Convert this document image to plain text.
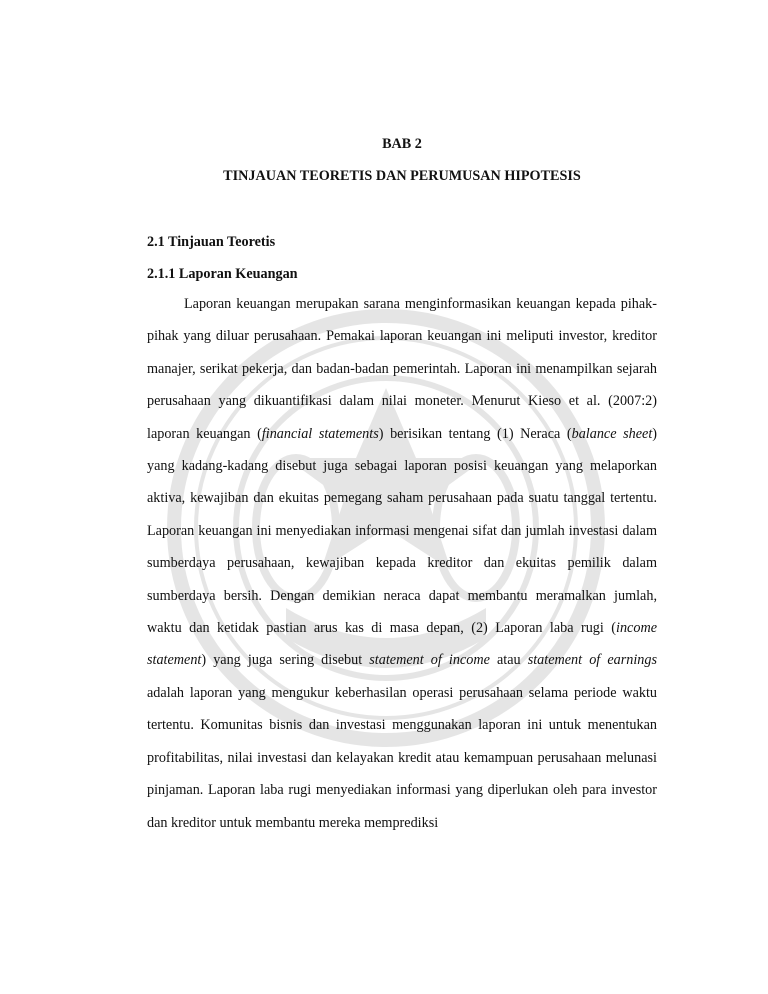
BAB 2
TINJAUAN TEORETIS DAN PERUMUSAN HIPOTESIS
2.1 Tinjauan Teoretis
2.1.1 Laporan Keuangan

Laporan keuangan merupakan sarana menginformasikan keuangan kepada pihak-pihak yang diluar perusahaan. Pemakai laporan keuangan ini meliputi investor, kreditor manajer, serikat pekerja, dan badan-badan pemerintah. Laporan ini menampilkan sejarah perusahaan yang dikuantifikasi dalam nilai moneter. Menurut Kieso et al. (2007:2) laporan keuangan (financial statements) berisikan tentang (1) Neraca (balance sheet) yang kadang-kadang disebut juga sebagai laporan posisi keuangan yang melaporkan aktiva, kewajiban dan ekuitas pemegang saham perusahaan pada suatu tanggal tertentu. Laporan keuangan ini menyediakan informasi mengenai sifat dan jumlah investasi dalam sumberdaya perusahaan, kewajiban kepada kreditor dan ekuitas pemilik dalam sumberdaya bersih. Dengan demikian neraca dapat membantu meramalkan jumlah, waktu dan ketidak pastian arus kas di masa depan, (2) Laporan laba rugi (income statement) yang juga sering disebut statement of income atau statement of earnings adalah laporan yang mengukur keberhasilan operasi perusahaan selama periode waktu tertentu. Komunitas bisnis dan investasi menggunakan laporan ini untuk menentukan profitabilitas, nilai investasi dan kelayakan kredit atau kemampuan perusahaan melunasi pinjaman. Laporan laba rugi menyediakan informasi yang diperlukan oleh para investor dan kreditor untuk membantu mereka memprediksi
